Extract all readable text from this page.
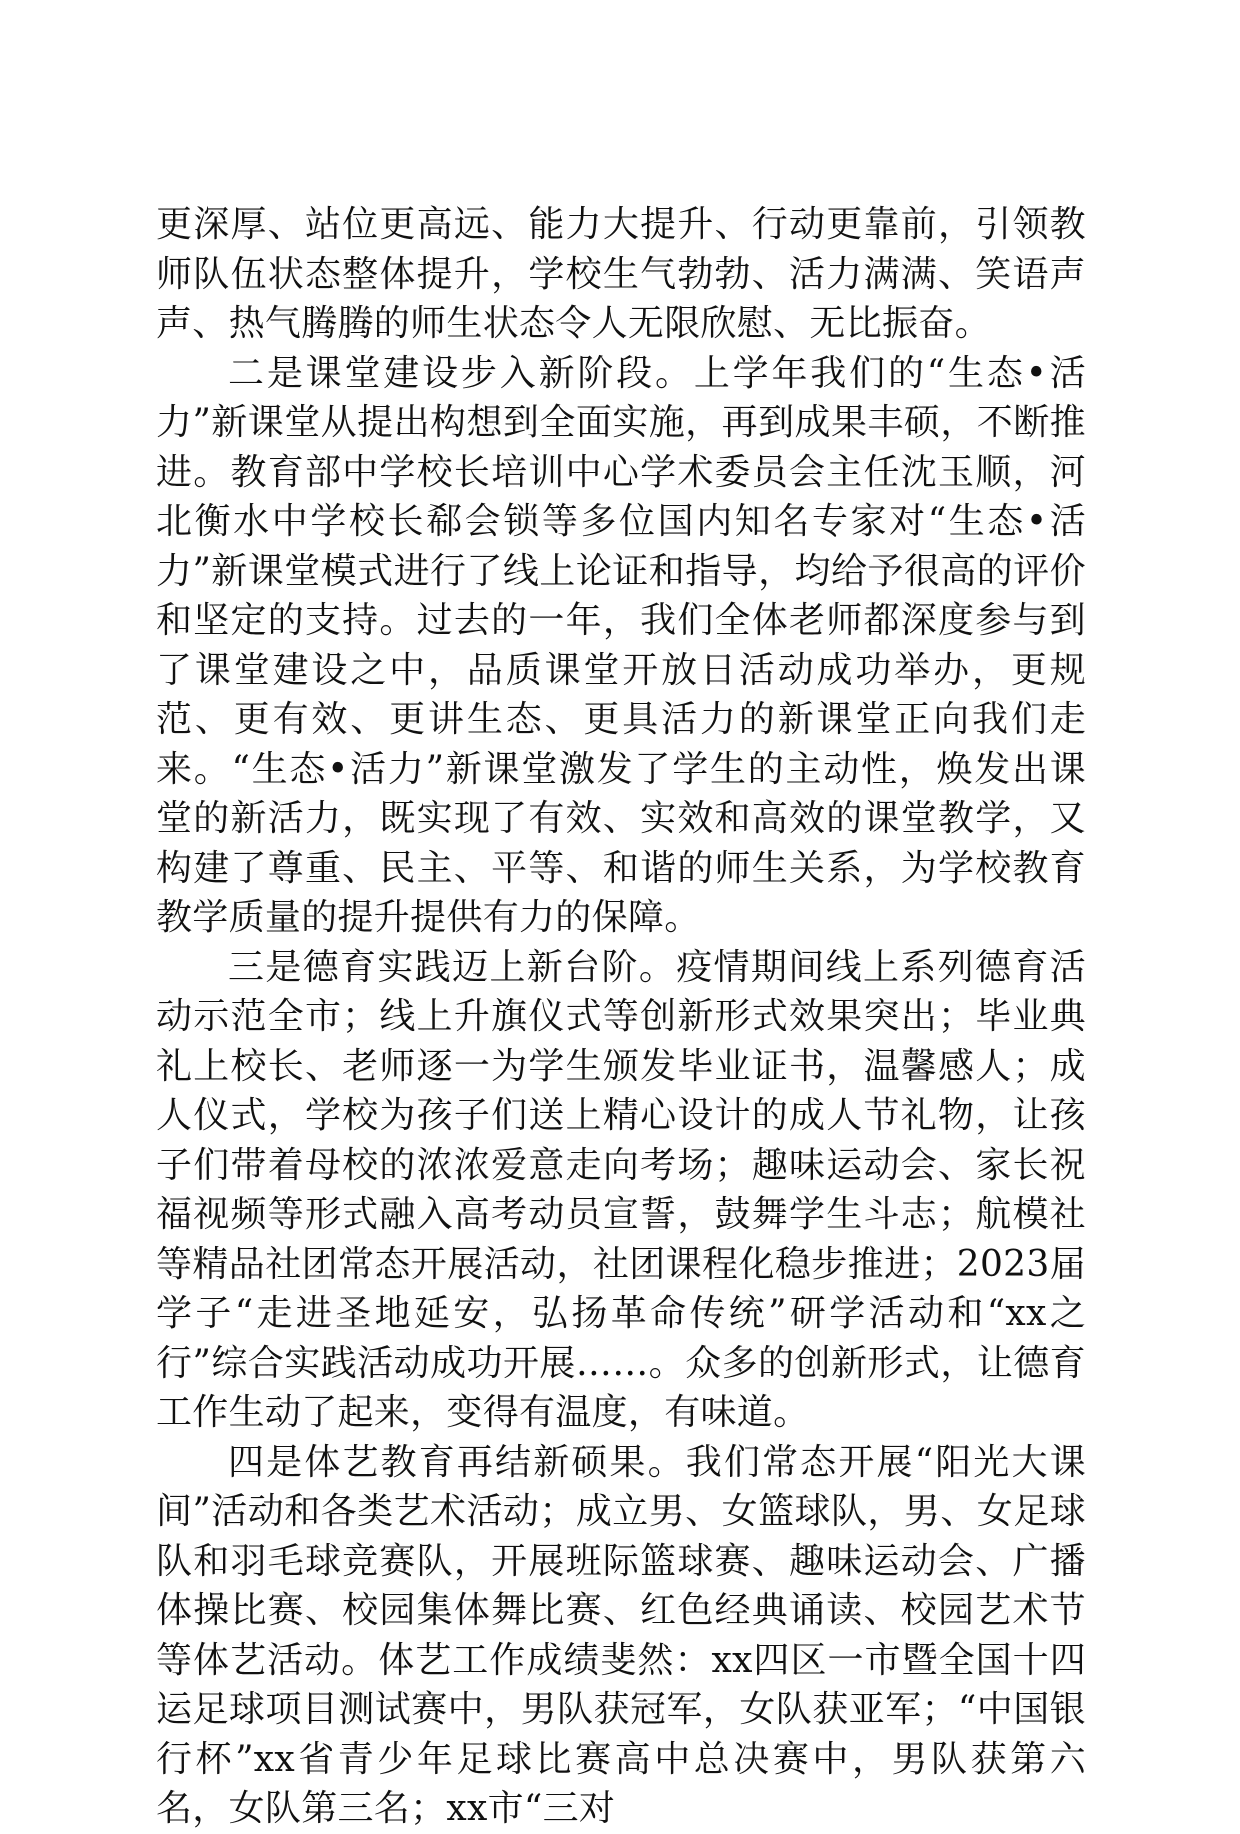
更深厚、站位更高远、能力大提升、行动更靠前，引领教师队伍状态整体提升，学校生气勃勃、活力满满、笑语声声、热气腾腾的师生状态令人无限欣慰、无比振奋。

二是课堂建设步入新阶段。上学年我们的“生态•活力”新课堂从提出构想到全面实施，再到成果丰硕，不断推进。教育部中学校长培训中心学术委员会主任沈玉顺，河北衡水中学校长郗会锁等多位国内知名专家对“生态•活力”新课堂模式进行了线上论证和指导，均给予很高的评价和坚定的支持。过去的一年，我们全体老师都深度参与到了课堂建设之中，品质课堂开放日活动成功举办，更规范、更有效、更讲生态、更具活力的新课堂正向我们走来。“生态•活力”新课堂激发了学生的主动性，焕发出课堂的新活力，既实现了有效、实效和高效的课堂教学，又构建了尊重、民主、平等、和谐的师生关系，为学校教育教学质量的提升提供有力的保障。

三是德育实践迈上新台阶。疫情期间线上系列德育活动示范全市；线上升旗仪式等创新形式效果突出；毕业典礼上校长、老师逐一为学生颁发毕业证书，温馨感人；成人仪式，学校为孩子们送上精心设计的成人节礼物，让孩子们带着母校的浓浓爱意走向考场；趣味运动会、家长祝福视频等形式融入高考动员宣誓，鼓舞学生斗志；航模社等精品社团常态开展活动，社团课程化稳步推进；2023届学子“走进圣地延安，弘扬革命传统”研学活动和“xx之行”综合实践活动成功开展……。众多的创新形式，让德育工作生动了起来，变得有温度，有味道。

四是体艺教育再结新硕果。我们常态开展“阳光大课间”活动和各类艺术活动；成立男、女篮球队，男、女足球队和羽毛球竞赛队，开展班际篮球赛、趣味运动会、广播体操比赛、校园集体舞比赛、红色经典诵读、校园艺术节等体艺活动。体艺工作成绩斐然：xx四区一市暨全国十四运足球项目测试赛中，男队获冠军，女队获亚军；“中国银行杯”xx省青少年足球比赛高中总决赛中，男队获第六名，女队第三名；xx市“三对
